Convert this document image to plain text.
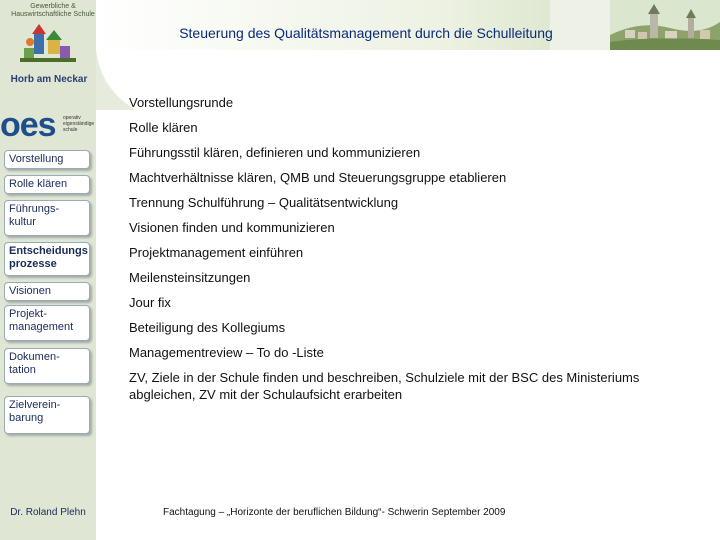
Steuerung des Qualitätsmanagement durch die Schulleitung
Gewerbliche & Hauswirtschaftliche Schule
Horb am Neckar
oes operativ
eigenständige
schule
Vorstellung
Rolle klären
Führungs-
kultur
Entscheidungs prozesse
Visionen
Projekt-
management
Dokumen-
tation
Zielverein-
barung
Dr. Roland Plehn
Vorstellungsrunde
Rolle klären
Führungsstil klären, definieren und kommunizieren
Machtverhältnisse klären, QMB und Steuerungsgruppe etablieren
Trennung Schulführung – Qualitätsentwicklung
Visionen finden und kommunizieren
Projektmanagement einführen
Meilensteinsitzungen
Jour fix
Beteiligung des Kollegiums
Managementreview – To do -Liste
ZV, Ziele in der Schule finden und beschreiben, Schulziele mit der BSC des Ministeriums abgleichen, ZV mit der Schulaufsicht erarbeiten
Fachtagung – „Horizonte der beruflichen Bildung“- Schwerin September 2009
